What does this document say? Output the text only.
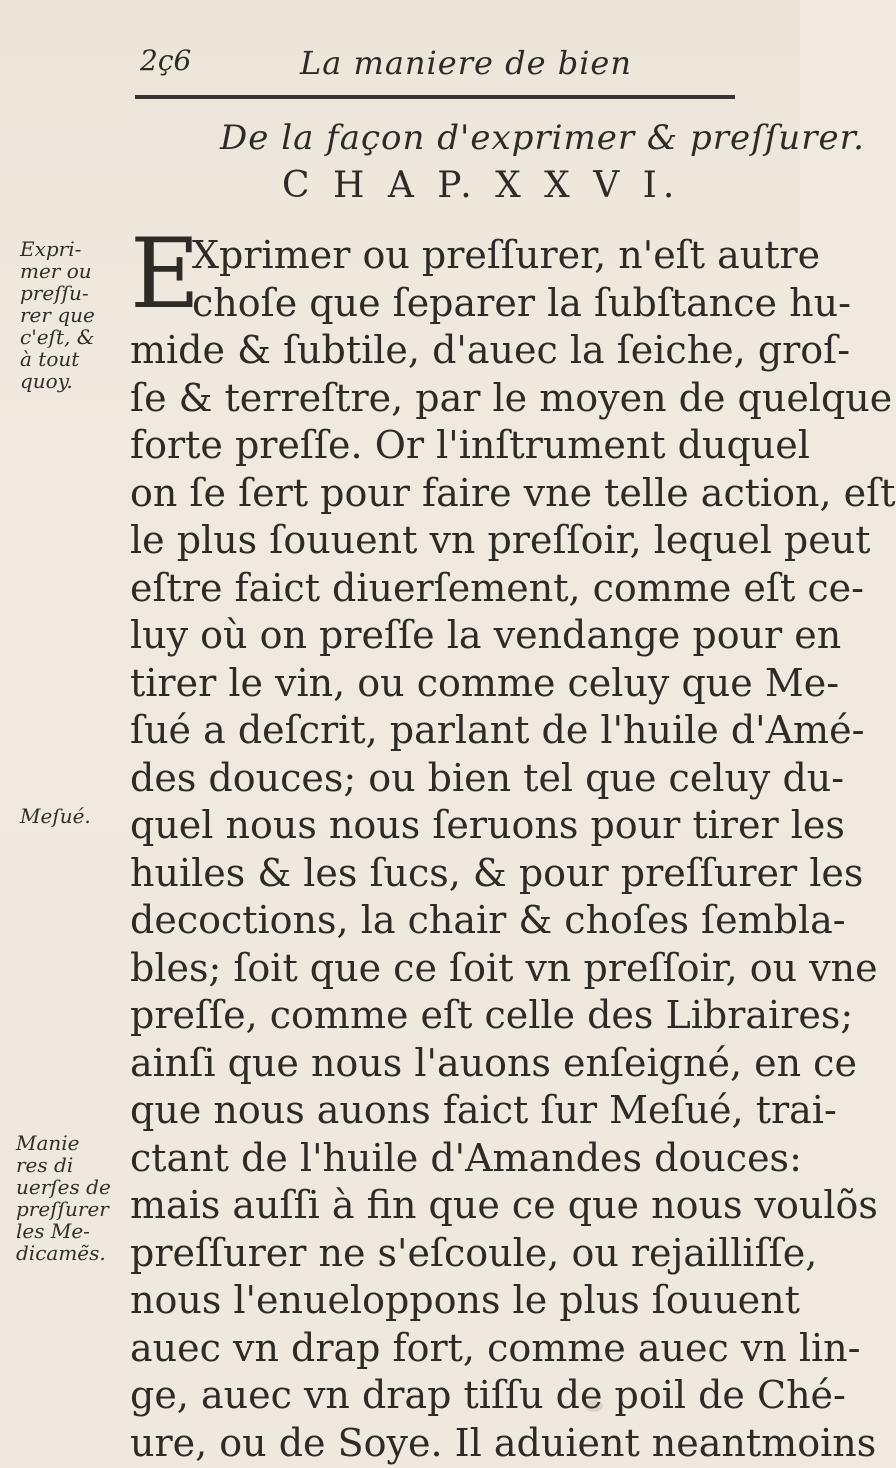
2ç6	La maniere de bien
De la façon d'exprimer & preſſurer.
C H A P. X X V I.
Expri-
mer ou
preſſu-
rer que
c'eſt, &
à tout
quoy.
Meſué.
Manie
res di
uerſes de
preſſurer
les Me-
dicamẽs.
E
Xprimer ou preſſurer, n'eſt autre
choſe que ſeparer la ſubſtance hu-
mide & ſubtile, d'auec la ſeiche, groſ-
ſe & terreſtre, par le moyen de quelque
forte preſſe. Or l'inſtrument duquel
on ſe ſert pour faire vne telle action, eſt
le plus ſouuent vn preſſoir, lequel peut
eſtre faict diuerſement, comme eſt ce-
luy où on preſſe la vendange pour en
tirer le vin, ou comme celuy que Me-
ſué a deſcrit, parlant de l'huile d'Amé-
des douces; ou bien tel que celuy du-
quel nous nous ſeruons pour tirer les
huiles & les ſucs, & pour preſſurer les
decoctions, la chair & choſes ſembla-
bles; ſoit que ce ſoit vn preſſoir, ou vne
preſſe, comme eſt celle des Libraires;
ainſi que nous l'auons enſeigné, en ce
que nous auons faict ſur Meſué, trai-
ctant de l'huile d'Amandes douces:
mais auſſi à fin que ce que nous voulõs
preſſurer ne s'eſcoule, ou rejailliſſe,
nous l'enueloppons le plus ſouuent
auec vn drap fort, comme auec vn lin-
ge, auec vn drap tiſſu de poil de Ché-
ure, ou de Soye. Il aduient neantmoins
